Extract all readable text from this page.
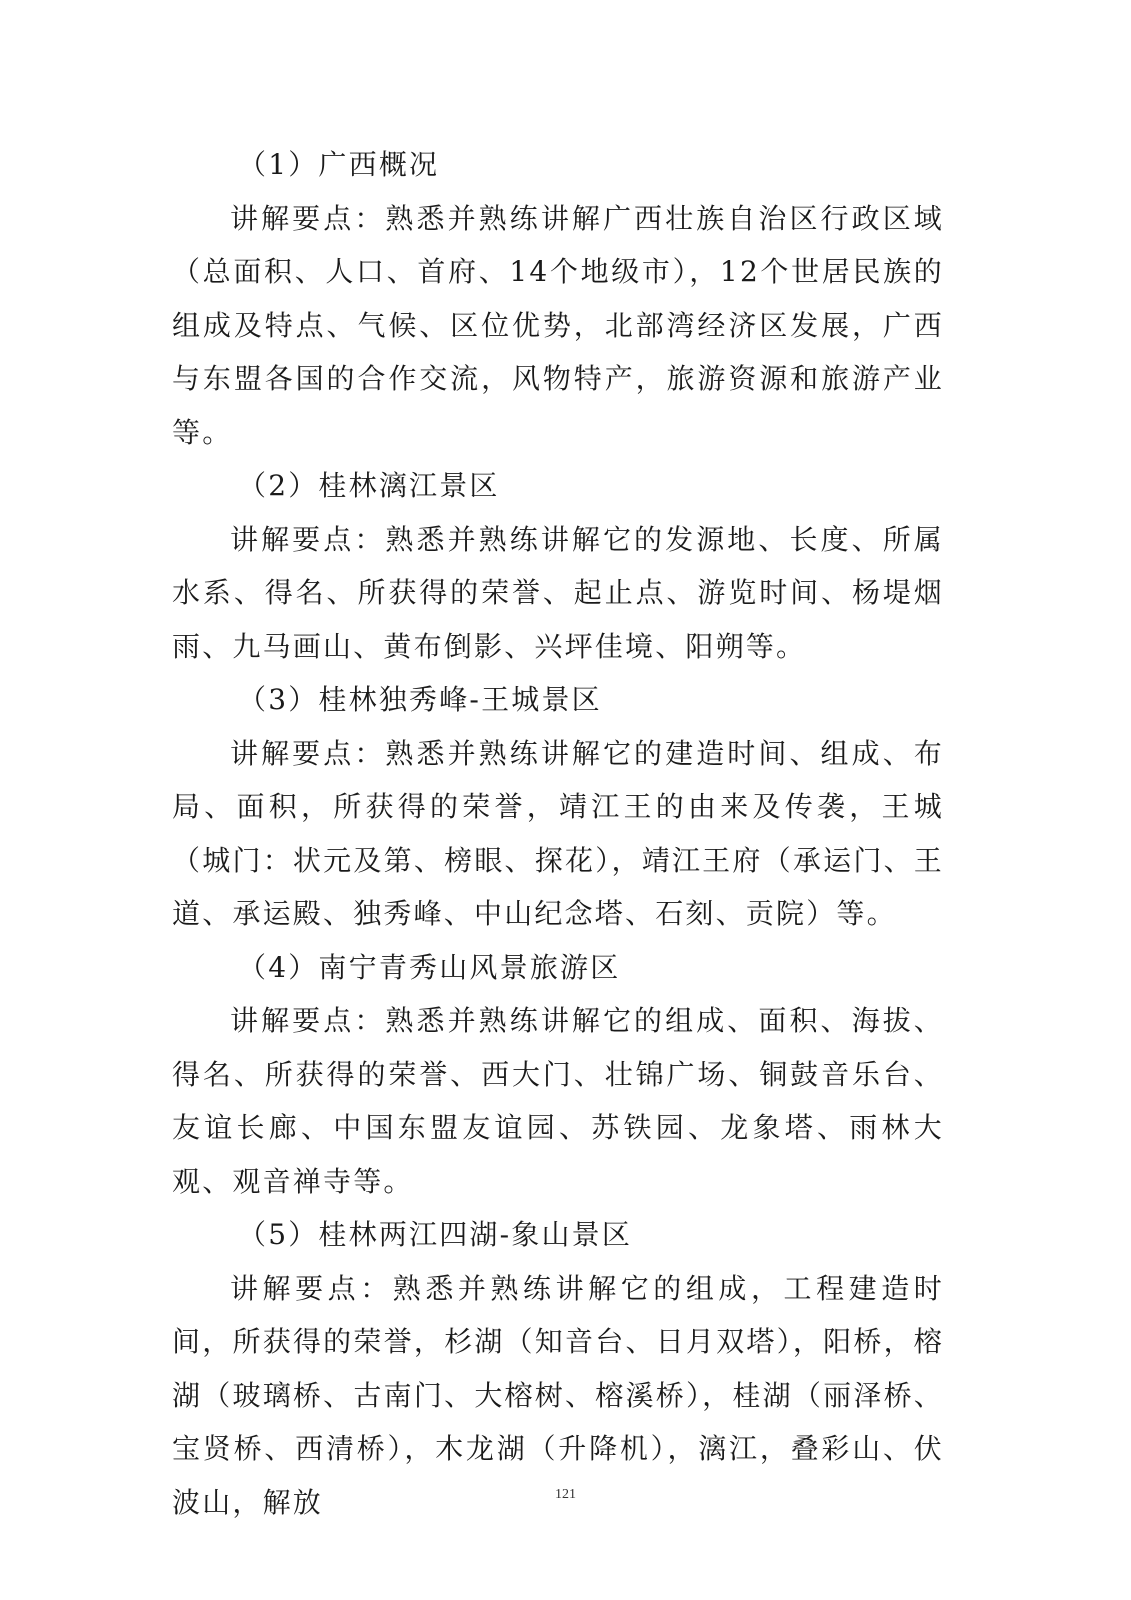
（1）广西概况

讲解要点：熟悉并熟练讲解广西壮族自治区行政区域（总面积、人口、首府、14个地级市），12个世居民族的组成及特点、气候、区位优势，北部湾经济区发展，广西与东盟各国的合作交流，风物特产，旅游资源和旅游产业等。

（2）桂林漓江景区

讲解要点：熟悉并熟练讲解它的发源地、长度、所属水系、得名、所获得的荣誉、起止点、游览时间、杨堤烟雨、九马画山、黄布倒影、兴坪佳境、阳朔等。

（3）桂林独秀峰-王城景区

讲解要点：熟悉并熟练讲解它的建造时间、组成、布局、面积，所获得的荣誉，靖江王的由来及传袭，王城（城门：状元及第、榜眼、探花），靖江王府（承运门、王道、承运殿、独秀峰、中山纪念塔、石刻、贡院）等。

（4）南宁青秀山风景旅游区

讲解要点：熟悉并熟练讲解它的组成、面积、海拔、得名、所获得的荣誉、西大门、壮锦广场、铜鼓音乐台、友谊长廊、中国东盟友谊园、苏铁园、龙象塔、雨林大观、观音禅寺等。

（5）桂林两江四湖-象山景区

讲解要点：熟悉并熟练讲解它的组成，工程建造时间，所获得的荣誉，杉湖（知音台、日月双塔），阳桥，榕湖（玻璃桥、古南门、大榕树、榕溪桥），桂湖（丽泽桥、宝贤桥、西清桥），木龙湖（升降机），漓江，叠彩山、伏波山，解放	121
